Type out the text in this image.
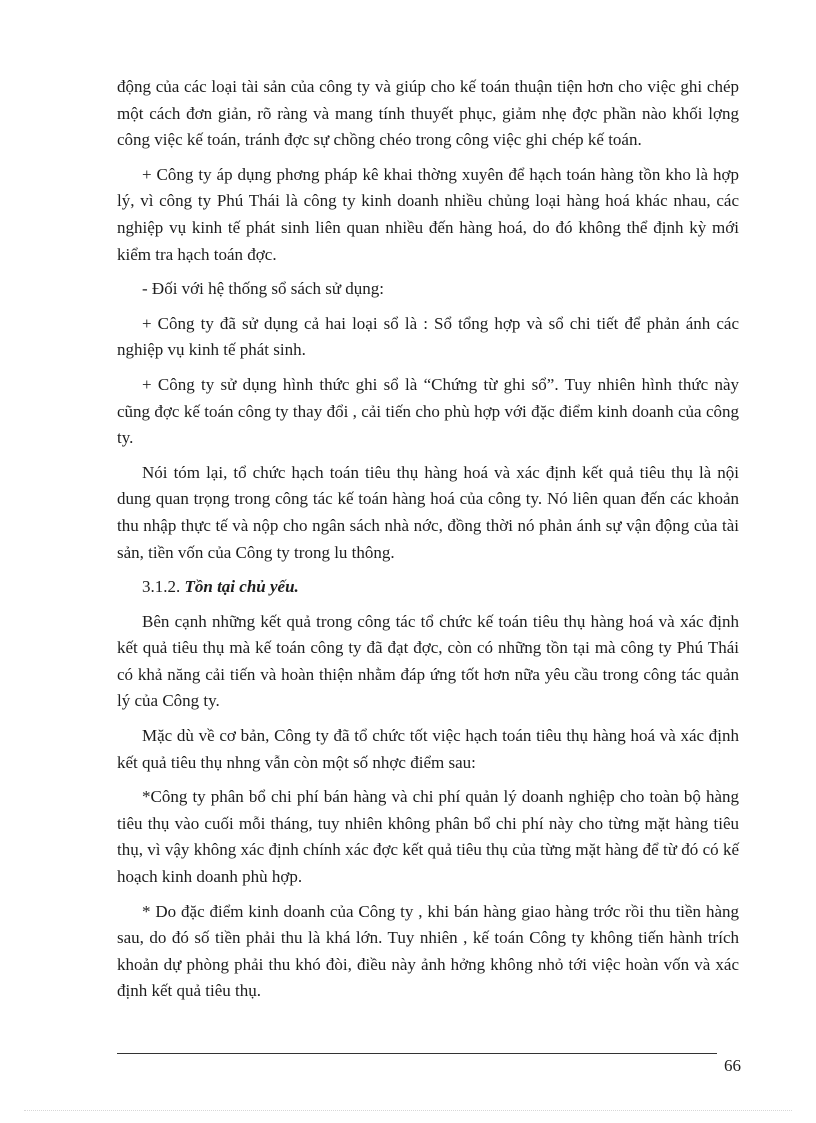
động của các loại tài sản của công ty và giúp cho kế toán thuận tiện hơn cho việc ghi chép một cách đơn giản, rõ ràng và mang tính thuyết phục, giảm nhẹ đợc phần nào khối lợng công việc kế toán, tránh đợc sự chồng chéo trong công việc ghi chép kế toán.

+ Công ty áp dụng phơng pháp kê khai thờng xuyên để hạch toán hàng tồn kho là hợp lý, vì công ty Phú Thái là công ty kinh doanh nhiều chủng loại hàng hoá khác nhau, các nghiệp vụ kinh tế phát sinh liên quan nhiều đến hàng hoá, do đó không thể định kỳ mới kiểm tra hạch toán đợc.

- Đối với hệ thống sổ sách sử dụng:

+ Công ty đã sử dụng cả hai loại sổ là : Sổ tổng hợp và sổ chi tiết để phản ánh các nghiệp vụ kinh tế phát sinh.

+ Công ty sử dụng hình thức ghi sổ là “Chứng từ ghi sổ”. Tuy nhiên hình thức này cũng đợc kế toán công ty thay đổi , cải tiến cho phù hợp với đặc điểm kinh doanh của công ty.

Nói tóm lại, tổ chức hạch toán tiêu thụ hàng hoá và xác định kết quả tiêu thụ là nội dung quan trọng trong công tác kế toán hàng hoá của công ty. Nó liên quan đến các khoản thu nhập thực tế và nộp cho ngân sách nhà nớc, đồng thời nó phản ánh sự vận động của tài sản, tiền vốn của Công ty trong lu thông.

3.1.2. Tồn tại chủ yếu.

Bên cạnh những kết quả trong công tác tổ chức kế toán tiêu thụ hàng hoá và xác định kết quả tiêu thụ mà kế toán công ty đã đạt đợc, còn có những tồn tại mà công ty Phú Thái có khả năng cải tiến và hoàn thiện nhằm đáp ứng tốt hơn nữa yêu cầu trong công tác quản lý của Công ty.

Mặc dù về cơ bản, Công ty đã tổ chức tốt việc hạch toán tiêu thụ hàng hoá và xác định kết quả tiêu thụ nhng vẫn còn một số nhợc điểm sau:

*Công ty phân bổ chi phí bán hàng và chi phí quản lý doanh nghiệp cho toàn bộ hàng tiêu thụ vào cuối mỗi tháng, tuy nhiên không phân bổ chi phí này cho từng mặt hàng tiêu thụ, vì vậy không xác định chính xác đợc kết quả tiêu thụ của từng mặt hàng để từ đó có kế hoạch kinh doanh phù hợp.

* Do đặc điểm kinh doanh của Công ty , khi bán hàng giao hàng trớc rồi thu tiền hàng sau, do đó số tiền phải thu là khá lớn. Tuy nhiên , kế toán Công ty không tiến hành trích khoản dự phòng phải thu khó đòi, điều này ảnh hởng không nhỏ tới việc hoàn vốn và xác định kết quả tiêu thụ.

66
